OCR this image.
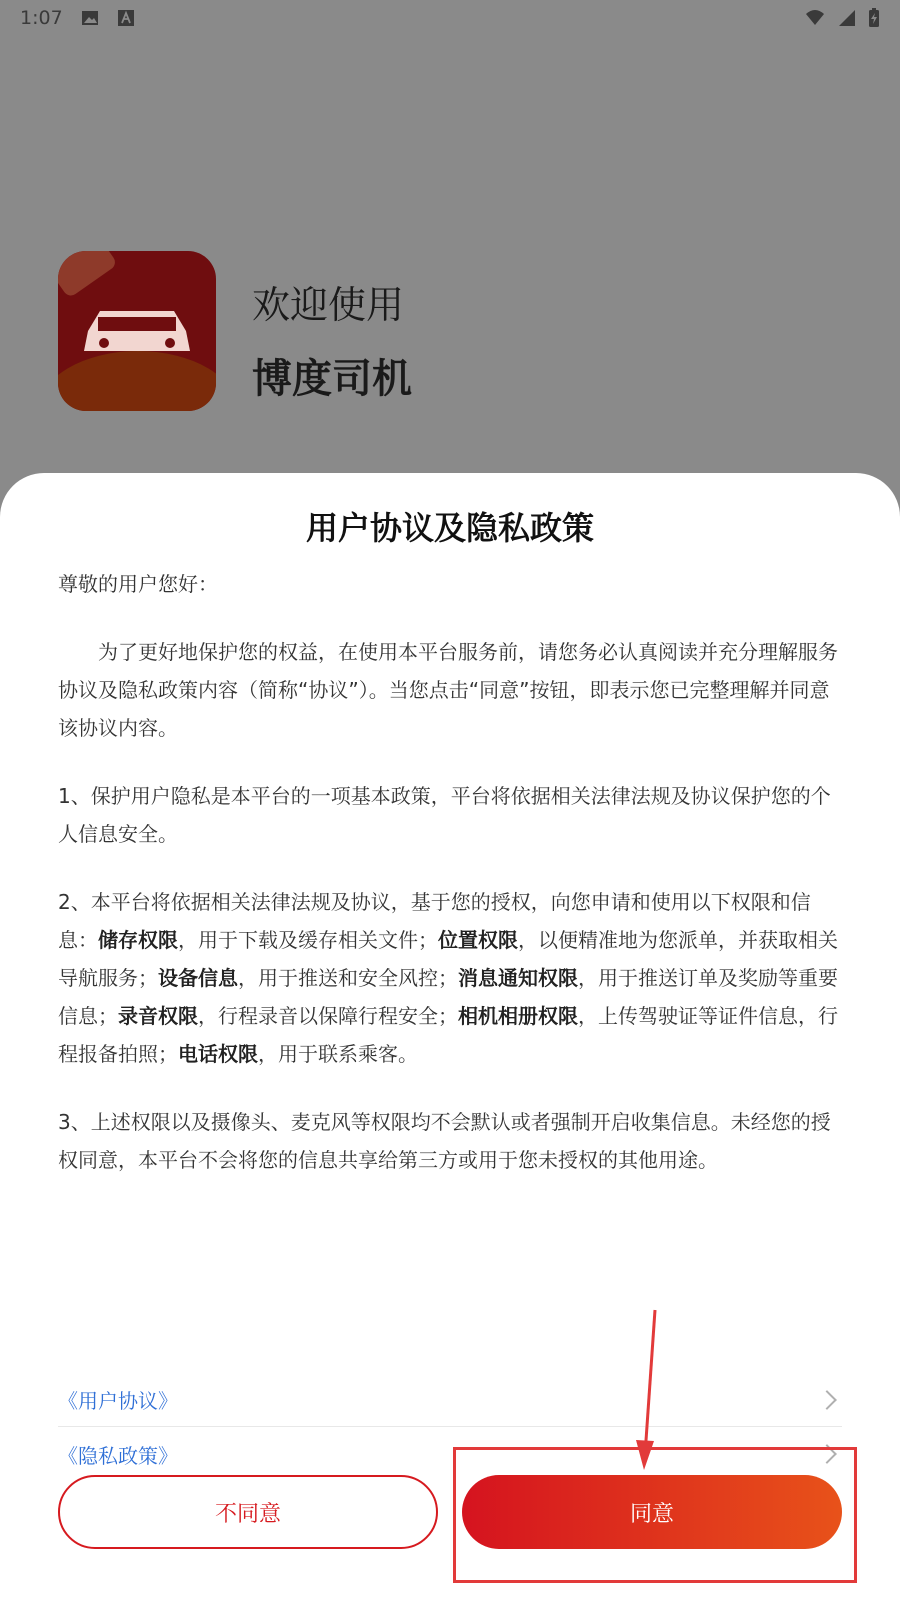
欢迎使用
博度司机
1:07
用户协议及隐私政策

尊敬的用户您好：

为了更好地保护您的权益，在使用本平台服务前，请您务必认真阅读并充分理解服务协议及隐私政策内容（简称“协议”）。当您点击“同意”按钮，即表示您已完整理解并同意该协议内容。

1、保护用户隐私是本平台的一项基本政策，平台将依据相关法律法规及协议保护您的个人信息安全。

2、本平台将依据相关法律法规及协议，基于您的授权，向您申请和使用以下权限和信息：储存权限，用于下载及缓存相关文件；位置权限，以便精准地为您派单，并获取相关导航服务；设备信息，用于推送和安全风控；消息通知权限，用于推送订单及奖励等重要信息；录音权限，行程录音以保障行程安全；相机相册权限，上传驾驶证等证件信息，行程报备拍照；电话权限，用于联系乘客。

3、上述权限以及摄像头、麦克风等权限均不会默认或者强制开启收集信息。未经您的授权同意，本平台不会将您的信息共享给第三方或用于您未授权的其他用途。

《用户协议》
《隐私政策》
不同意	同意
